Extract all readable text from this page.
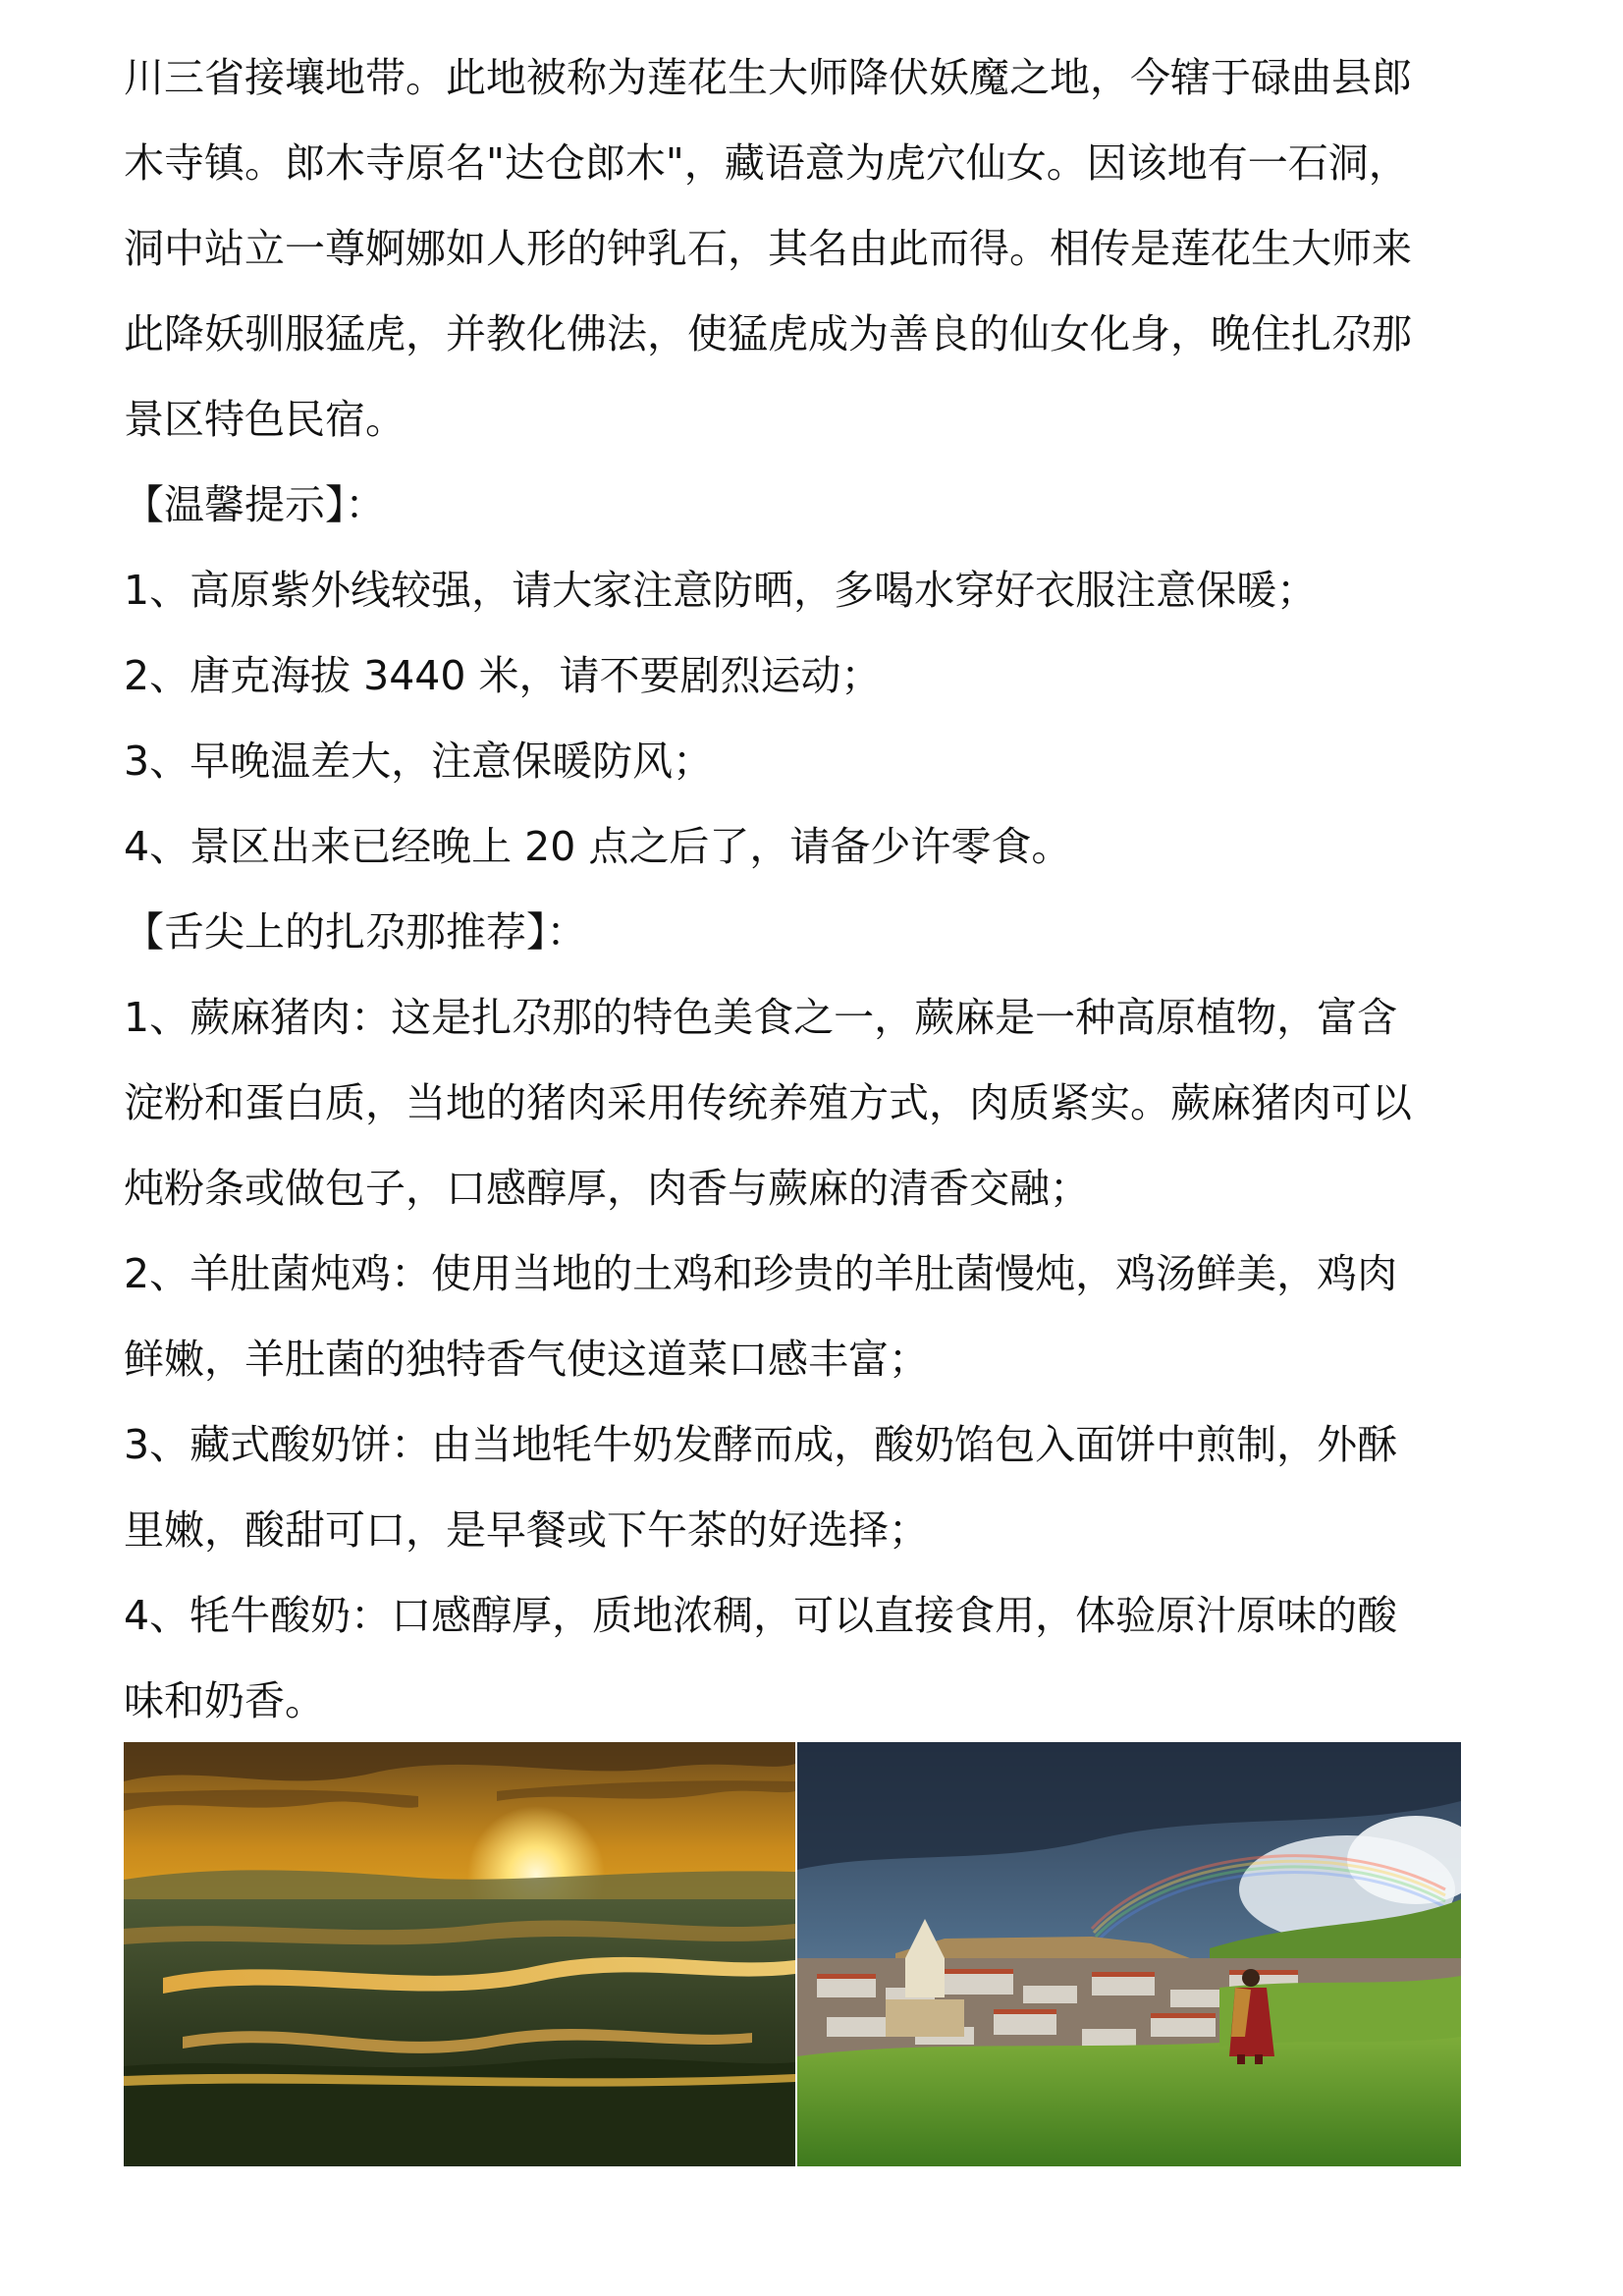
川三省接壤地带。此地被称为莲花生大师降伏妖魔之地，今辖于碌曲县郎

木寺镇。郎木寺原名"达仓郎木"，藏语意为虎穴仙女。因该地有一石洞，

洞中站立一尊婀娜如人形的钟乳石，其名由此而得。相传是莲花生大师来

此降妖驯服猛虎，并教化佛法，使猛虎成为善良的仙女化身，晚住扎尕那

景区特色民宿。

【温馨提示】：

1、高原紫外线较强，请大家注意防晒，多喝水穿好衣服注意保暖；

2、唐克海拔 3440 米，请不要剧烈运动；

3、早晚温差大，注意保暖防风；

4、景区出来已经晚上 20 点之后了，请备少许零食。

【舌尖上的扎尕那推荐】：

1、蕨麻猪肉：这是扎尕那的特色美食之一，蕨麻是一种高原植物，富含

淀粉和蛋白质，当地的猪肉采用传统养殖方式，肉质紧实。蕨麻猪肉可以

炖粉条或做包子，口感醇厚，肉香与蕨麻的清香交融；

2、羊肚菌炖鸡：使用当地的土鸡和珍贵的羊肚菌慢炖，鸡汤鲜美，鸡肉

鲜嫩，羊肚菌的独特香气使这道菜口感丰富；

3、藏式酸奶饼：由当地牦牛奶发酵而成，酸奶馅包入面饼中煎制，外酥

里嫩，酸甜可口，是早餐或下午茶的好选择；

4、牦牛酸奶：口感醇厚，质地浓稠，可以直接食用，体验原汁原味的酸

味和奶香。
